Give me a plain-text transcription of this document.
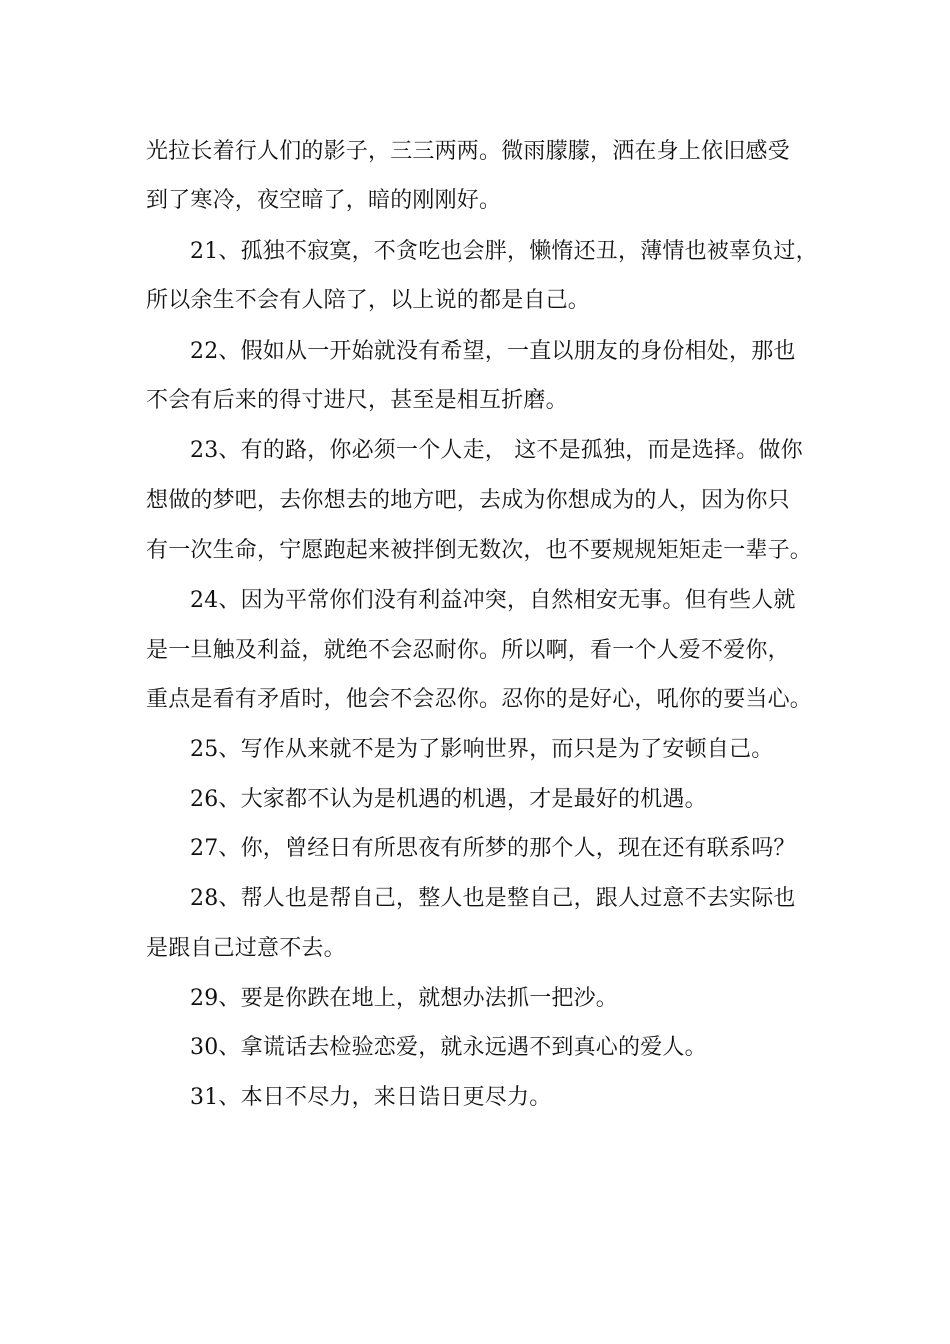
光拉长着行人们的影子，三三两两。微雨朦朦，洒在身上依旧感受
到了寒冷，夜空暗了，暗的刚刚好。
21、孤独不寂寞，不贪吃也会胖，懒惰还丑，薄情也被辜负过，
所以余生不会有人陪了，以上说的都是自己。
22、假如从一开始就没有希望，一直以朋友的身份相处，那也
不会有后来的得寸进尺，甚至是相互折磨。
23、有的路，你必须一个人走， 这不是孤独，而是选择。做你
想做的梦吧，去你想去的地方吧，去成为你想成为的人，因为你只
有一次生命，宁愿跑起来被拌倒无数次，也不要规规矩矩走一辈子。
24、因为平常你们没有利益冲突，自然相安无事。但有些人就
是一旦触及利益，就绝不会忍耐你。所以啊，看一个人爱不爱你，
重点是看有矛盾时，他会不会忍你。忍你的是好心，吼你的要当心。
25、写作从来就不是为了影响世界，而只是为了安顿自己。
26、大家都不认为是机遇的机遇，才是最好的机遇。
27、你，曾经日有所思夜有所梦的那个人，现在还有联系吗？
28、帮人也是帮自己，整人也是整自己，跟人过意不去实际也
是跟自己过意不去。
29、要是你跌在地上，就想办法抓一把沙。
30、拿谎话去检验恋爱，就永远遇不到真心的爱人。
31、本日不尽力，来日诰日更尽力。
